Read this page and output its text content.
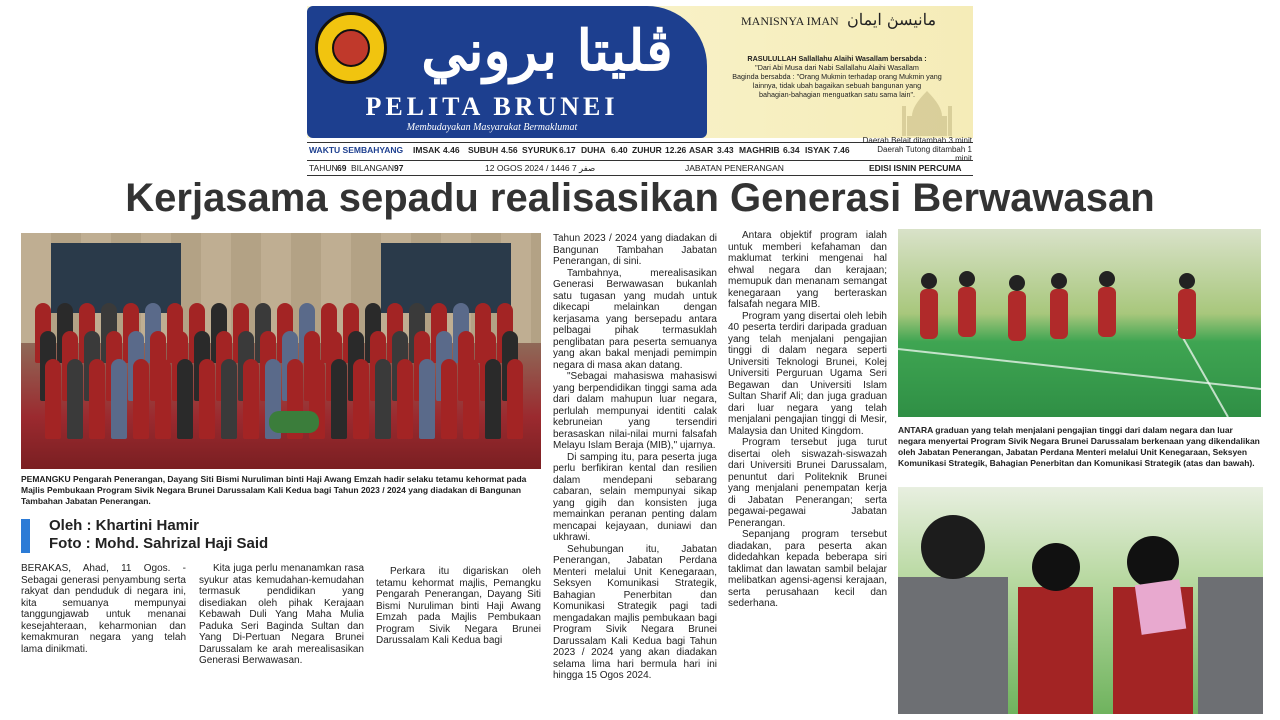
ڤليتا بروني
PELITA BRUNEI
Membudayakan Masyarakat Bermaklumat
MANISNYA IMAN مانيسڽ ايمان
RASULULLAH Sallallahu Alaihi Wasallam bersabda :
"Dari Abi Musa dari Nabi Sallallahu Alaihi Wasallam
Baginda bersabda : "Orang Mukmin terhadap orang Mukmin yang
lainnya, tidak ubah bagaikan sebuah bangunan yang
bahagian-bahagian menguatkan satu sama lain".
WAKTU SEMBAHYANG IMSAK 4.46 SUBUH 4.56 SYURUK 6.17 DUHA 6.40 ZUHUR 12.26 ASAR 3.43 MAGHRIB 6.34 ISYAK 7.46
Daerah Belait ditambah 3 minit
Daerah Tutong ditambah 1 minit
TAHUN 69 BILANGAN 97	12 OGOS 2024 / 1446 صفر 7	JABATAN PENERANGAN	EDISI ISNIN PERCUMA
Kerjasama sepadu realisasikan Generasi Berwawasan
PEMANGKU Pengarah Penerangan, Dayang Siti Bismi Nuruliman binti Haji Awang Emzah hadir selaku tetamu kehormat pada Majlis Pembukaan Program Sivik Negara Brunei Darussalam Kali Kedua bagi Tahun 2023 / 2024 yang diadakan di Bangunan Tambahan Jabatan Penerangan.
Oleh : Khartini Hamir
Foto : Mohd. Sahrizal Haji Said

BERAKAS, Ahad, 11 Ogos. - Sebagai generasi penyambung serta rakyat dan penduduk di negara ini, kita semuanya mempunyai tanggungjawab untuk menanai kesejahteraan, keharmonian dan kemakmuran negara yang telah lama dinikmati.

Kita juga perlu menanamkan rasa syukur atas kemudahan-kemudahan termasuk pendidikan yang disediakan oleh pihak Kerajaan Kebawah Duli Yang Maha Mulia Paduka Seri Baginda Sultan dan Yang Di-Pertuan Negara Brunei Darussalam ke arah merealisasikan Generasi Berwawasan.

Perkara itu digariskan oleh tetamu kehormat majlis, Pemangku Pengarah Penerangan, Dayang Siti Bismi Nuruliman binti Haji Awang Emzah pada Majlis Pembukaan Program Sivik Negara Brunei Darussalam Kali Kedua bagi

Tahun 2023 / 2024 yang diadakan di Bangunan Tambahan Jabatan Penerangan, di sini.

Tambahnya, merealisasikan Generasi Berwawasan bukanlah satu tugasan yang mudah untuk dikecapi melainkan dengan kerjasama yang bersepadu antara pelbagai pihak termasuklah penglibatan para peserta semuanya yang akan bakal menjadi pemimpin negara di masa akan datang.

"Sebagai mahasiswa mahasiswi yang berpendidikan tinggi sama ada dari dalam mahupun luar negara, perlulah mempunyai identiti calak kebruneian yang tersendiri berasaskan nilai-nilai murni falsafah Melayu Islam Beraja (MIB)," ujarnya.

Di samping itu, para peserta juga perlu berfikiran kental dan resilien dalam mendepani sebarang cabaran, selain mempunyai sikap yang gigih dan konsisten juga memainkan peranan penting dalam mencapai kejayaan, duniawi dan ukhrawi.

Sehubungan itu, Jabatan Penerangan, Jabatan Perdana Menteri melalui Unit Kenegaraan, Seksyen Komunikasi Strategik, Bahagian Penerbitan dan Komunikasi Strategik pagi tadi mengadakan majlis pembukaan bagi Program Sivik Negara Brunei Darussalam Kali Kedua bagi Tahun 2023 / 2024 yang akan diadakan selama lima hari bermula hari ini hingga 15 Ogos 2024.

Antara objektif program ialah untuk memberi kefahaman dan maklumat terkini mengenai hal ehwal negara dan kerajaan; memupuk dan menanam semangat kenegaraan yang berteraskan falsafah negara MIB.

Program yang disertai oleh lebih 40 peserta terdiri daripada graduan yang telah menjalani pengajian tinggi di dalam negara seperti Universiti Teknologi Brunei, Kolej Universiti Perguruan Ugama Seri Begawan dan Universiti Islam Sultan Sharif Ali; dan juga graduan dari luar negara yang telah menjalani pengajian tinggi di Mesir, Malaysia dan United Kingdom.

Program tersebut juga turut disertai oleh siswazah-siswazah dari Universiti Brunei Darussalam, penuntut dari Politeknik Brunei yang menjalani penempatan kerja di Jabatan Penerangan; serta pegawai-pegawai Jabatan Penerangan.

Sepanjang program tersebut diadakan, para peserta akan didedahkan kepada beberapa siri taklimat dan lawatan sambil belajar melibatkan agensi-agensi kerajaan, serta perusahaan kecil dan sederhana.

ANTARA graduan yang telah menjalani pengajian tinggi dari dalam negara dan luar negara menyertai Program Sivik Negara Brunei Darussalam berkenaan yang dikendalikan oleh Jabatan Penerangan, Jabatan Perdana Menteri melalui Unit Kenegaraan, Seksyen Komunikasi Strategik, Bahagian Penerbitan dan Komunikasi Strategik (atas dan bawah).
